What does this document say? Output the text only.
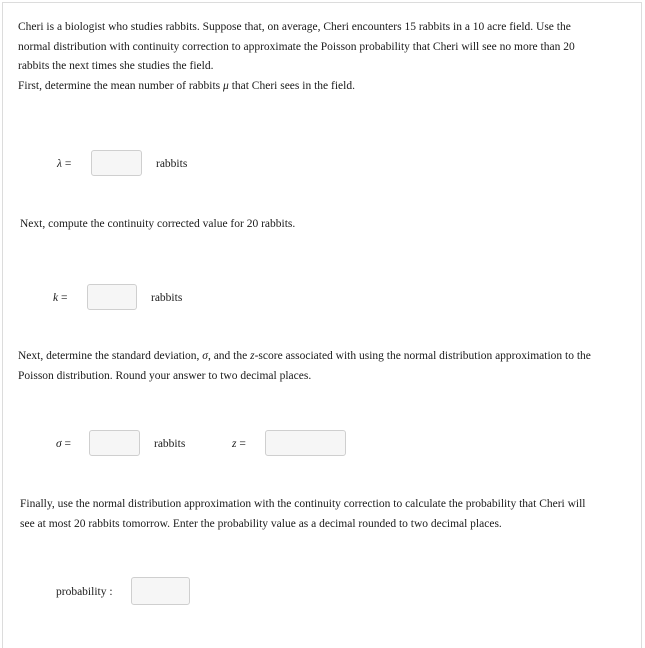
Cheri is a biologist who studies rabbits. Suppose that, on average, Cheri encounters 15 rabbits in a 10 acre field. Use the
normal distribution with continuity correction to approximate the Poisson probability that Cheri will see no more than 20
rabbits the next times she studies the field.
First, determine the mean number of rabbits μ that Cheri sees in the field.
λ =	rabbits
Next, compute the continuity corrected value for 20 rabbits.
k =	rabbits
Next, determine the standard deviation, σ, and the z-score associated with using the normal distribution approximation to the
Poisson distribution. Round your answer to two decimal places.
σ =	rabbits	z =
Finally, use the normal distribution approximation with the continuity correction to calculate the probability that Cheri will
see at most 20 rabbits tomorrow. Enter the probability value as a decimal rounded to two decimal places.
probability :
